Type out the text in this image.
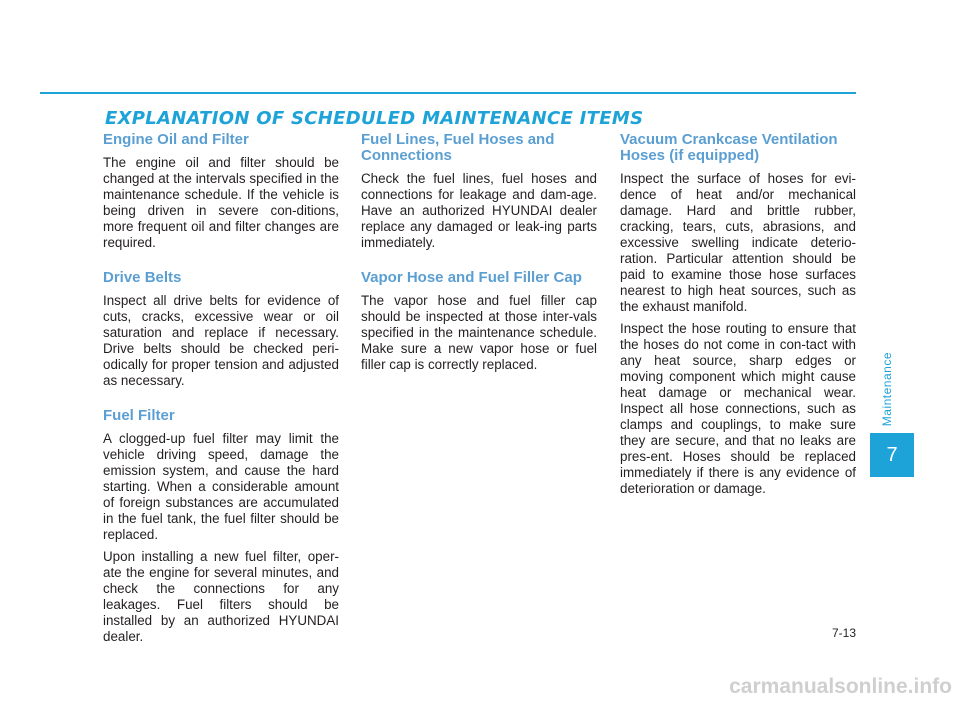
EXPLANATION OF SCHEDULED MAINTENANCE ITEMS
Engine Oil and Filter

The engine oil and filter should be changed at the intervals specified in the maintenance schedule. If the vehicle is being driven in severe con-ditions, more frequent oil and filter changes are required.

Drive Belts

Inspect all drive belts for evidence of cuts, cracks, excessive wear or oil saturation and replace if necessary. Drive belts should be checked peri-odically for proper tension and adjusted as necessary.

Fuel Filter

A clogged-up fuel filter may limit the vehicle driving speed, damage the emission system, and cause the hard starting. When a considerable amount of foreign substances are accumulated in the fuel tank, the fuel filter should be replaced.

Upon installing a new fuel filter, oper-ate the engine for several minutes, and check the connections for any leakages. Fuel filters should be installed by an authorized HYUNDAI dealer.

Fuel Lines, Fuel Hoses and Connections

Check the fuel lines, fuel hoses and connections for leakage and dam-age. Have an authorized HYUNDAI dealer replace any damaged or leak-ing parts immediately.

Vapor Hose and Fuel Filler Cap

The vapor hose and fuel filler cap should be inspected at those inter-vals specified in the maintenance schedule. Make sure a new vapor hose or fuel filler cap is correctly replaced.

Vacuum Crankcase Ventilation Hoses (if equipped)

Inspect the surface of hoses for evi-dence of heat and/or mechanical damage. Hard and brittle rubber, cracking, tears, cuts, abrasions, and excessive swelling indicate deterio-ration. Particular attention should be paid to examine those hose surfaces nearest to high heat sources, such as the exhaust manifold.

Inspect the hose routing to ensure that the hoses do not come in con-tact with any heat source, sharp edges or moving component which might cause heat damage or mechanical wear. Inspect all hose connections, such as clamps and couplings, to make sure they are secure, and that no leaks are pres-ent. Hoses should be replaced immediately if there is any evidence of deterioration or damage.

Maintenance
7
7-13
carmanualsonline.info
